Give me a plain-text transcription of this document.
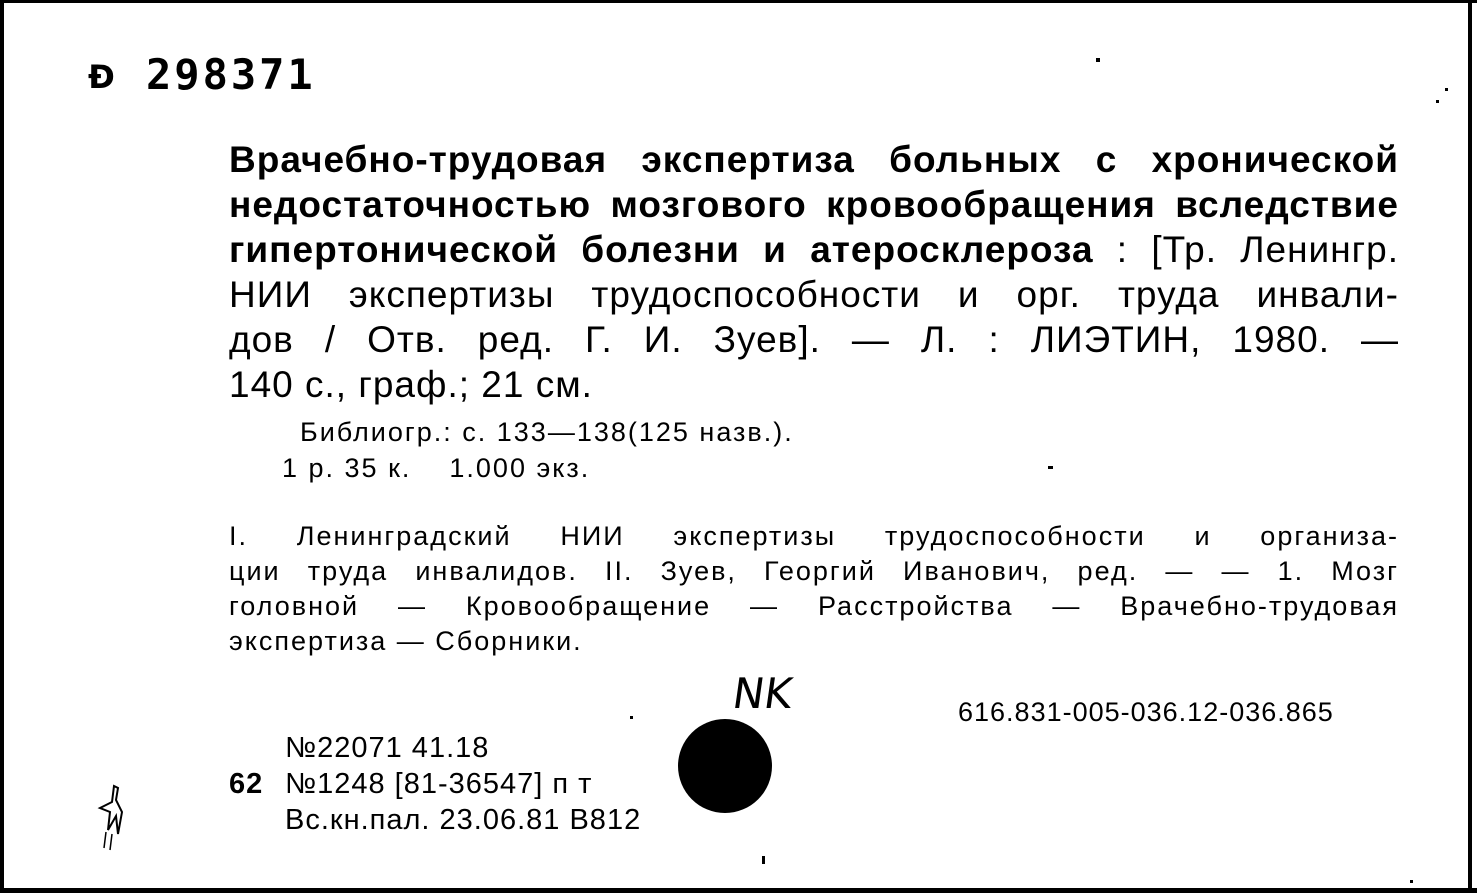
Ð 298371
Врачебно-трудовая экспертиза больных с хронической
недостаточностью мозгового кровообращения вследствие
гипертонической болезни и атеросклероза : [Тр. Ленингр.
НИИ экспертизы трудоспособности и орг. труда инвали-
дов / Отв. ред. Г. И. Зуев]. — Л. : ЛИЭТИН, 1980. —
140 с., граф.; 21 см.
Библиогр.: с. 133—138(125 назв.).
1 р. 35 к.    1.000 экз.
I. Ленинградский НИИ экспертизы трудоспособности и организа-
ции труда инвалидов. II. Зуев, Георгий Иванович, ред. — — 1. Мозг
головной — Кровообращение — Расстройства — Врачебно-трудовая
экспертиза — Сборники.
NK	616.831-005-036.12-036.865
№22071 41.18
62 №1248 [81-36547] п т
Вс.кн.пал. 23.06.81 В812
